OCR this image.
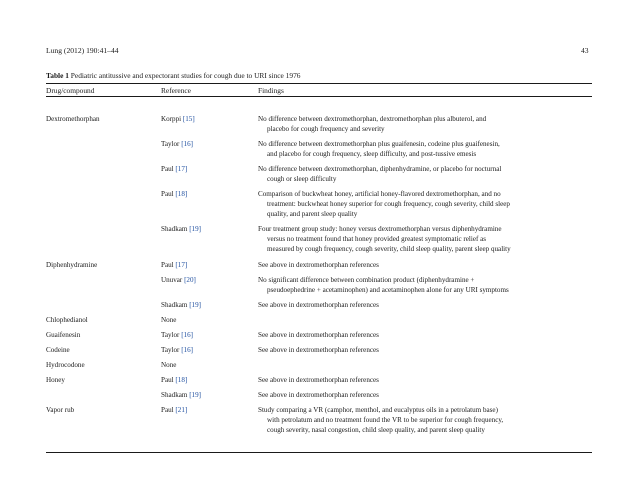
Lung (2012) 190:41–44	43
Table 1 Pediatric antitussive and expectorant studies for cough due to URI since 1976
Drug/compound	Reference	Findings
Dextromethorphan	Korppi [15]	No difference between dextromethorphan, dextromethorphan plus albuterol, and
placebo for cough frequency and severity
Taylor [16]	No difference between dextromethorphan plus guaifenesin, codeine plus guaifenesin,
and placebo for cough frequency, sleep difficulty, and post-tussive emesis
Paul [17]	No difference between dextromethorphan, diphenhydramine, or placebo for nocturnal
cough or sleep difficulty
Paul [18]	Comparison of buckwheat honey, artificial honey-flavored dextromethorphan, and no
treatment: buckwheat honey superior for cough frequency, cough severity, child sleep
quality, and parent sleep quality
Shadkam [19]	Four treatment group study: honey versus dextromethorphan versus diphenhydramine
versus no treatment found that honey provided greatest symptomatic relief as
measured by cough frequency, cough severity, child sleep quality, parent sleep quality
Diphenhydramine	Paul [17]	See above in dextromethorphan references
Unuvar [20]	No significant difference between combination product (diphenhydramine +
pseudoephedrine + acetaminophen) and acetaminophen alone for any URI symptoms
Shadkam [19]	See above in dextromethorphan references
Chlophedianol	None
Guaifenesin	Taylor [16]	See above in dextromethorphan references
Codeine	Taylor [16]	See above in dextromethorphan references
Hydrocodone	None
Honey	Paul [18]	See above in dextromethorphan references
Shadkam [19]	See above in dextromethorphan references
Vapor rub	Paul [21]	Study comparing a VR (camphor, menthol, and eucalyptus oils in a petrolatum base)
with petrolatum and no treatment found the VR to be superior for cough frequency,
cough severity, nasal congestion, child sleep quality, and parent sleep quality
